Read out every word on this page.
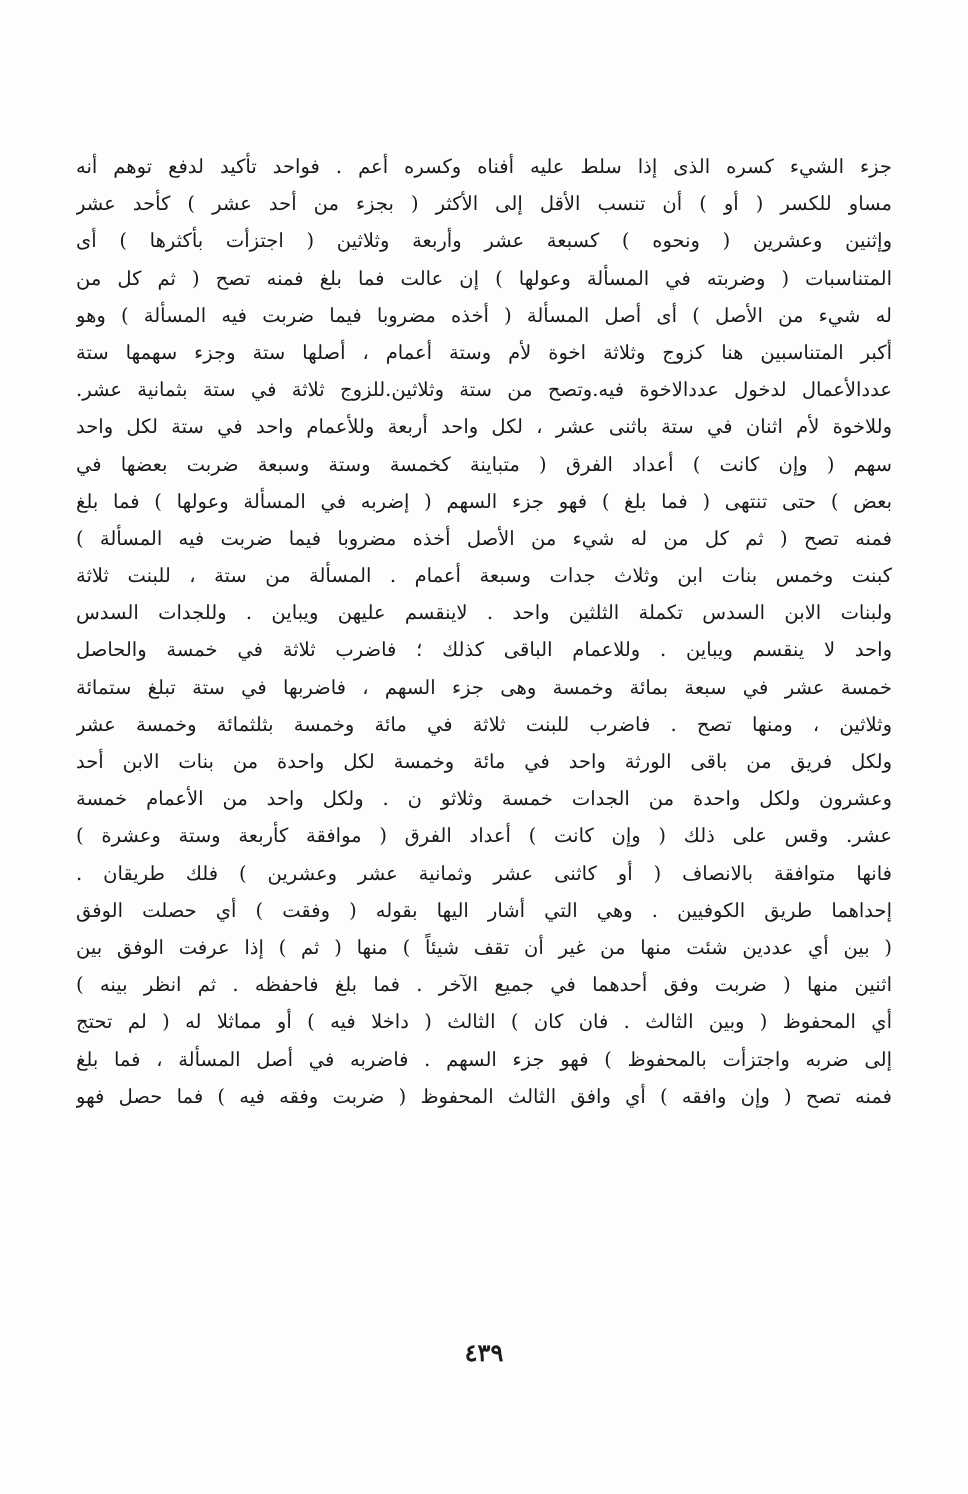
جزء الشيء كسره الذى إذا سلط عليه أفناه وكسره أعم . فواحد تأكيد لدفع توهم أنه
مساو للكسر ( أو ) أن تنسب الأقل إلى الأكثر ( بجزء من أحد عشر ) كأحد عشر
وإثنين وعشرين ( ونحوه ) كسبعة عشر وأربعة وثلاثين ( اجتزأت بأكثرها ) أى
المتناسبات ( وضربته في المسألة وعولها ) إن عالت فما بلغ فمنه تصح ( ثم كل من
له شيء من الأصل ) أى أصل المسألة ( أخذه مضروبا فيما ضربت فيه المسألة ) وهو
أكبر المتناسبين هنا كزوج وثلاثة اخوة لأم وستة أعمام ، أصلها ستة وجزء سهمها ستة
عددالأعمال لدخول عددالاخوة فيه.وتصح من ستة وثلاثين.للزوج ثلاثة في ستة بثمانية عشر.
وللاخوة لأم اثنان في ستة باثنى عشر ، لكل واحد أربعة وللأعمام واحد في ستة لكل واحد
سهم ( وإن كانت ) أعداد الفرق ( متباينة كخمسة وستة وسبعة ضربت بعضها في
بعض ) حتى تنتهى ( فما بلغ ) فهو جزء السهم ( إضربه في المسألة وعولها ) فما بلغ
فمنه تصح ( ثم كل من له شيء من الأصل أخذه مضروبا فيما ضربت فيه المسألة )
كبنت وخمس بنات ابن وثلاث جدات وسبعة أعمام . المسألة من ستة ، للبنت ثلاثة
ولبنات الابن السدس تكملة الثلثين واحد . لاينقسم عليهن ويباين . وللجدات السدس
واحد لا ينقسم ويباين . وللاعمام الباقى كذلك ؛ فاضرب ثلاثة في خمسة والحاصل
خمسة عشر في سبعة بمائة وخمسة وهى جزء السهم ، فاضربها في ستة تبلغ ستمائة
وثلاثين ، ومنها تصح . فاضرب للبنت ثلاثة في مائة وخمسة بثلثمائة وخمسة عشر
ولكل فريق من باقى الورثة واحد في مائة وخمسة لكل واحدة من بنات الابن أحد
وعشرون ولكل واحدة من الجدات خمسة وثلاثو ن . ولكل واحد من الأعمام خمسة
عشر. وقس على ذلك ( وإن كانت ) أعداد الفرق ( موافقة كأربعة وستة وعشرة )
فانها متوافقة بالانصاف ( أو كاثنى عشر وثمانية عشر وعشرين ) فلك طريقان .
إحداهما طريق الكوفيين . وهي التي أشار اليها بقوله ( وفقت ) أي حصلت الوفق
( بين أي عددين شئت منها من غير أن تقف شيئاً ) منها ( ثم ) إذا عرفت الوفق بين
اثنين منها ( ضربت وفق أحدهما في جميع الآخر . فما بلغ فاحفظه . ثم انظر بينه )
أي المحفوظ ( وبين الثالث . فان كان ) الثالث ( داخلا فيه ) أو مماثلا له ( لم تحتج
إلى ضربه واجتزأت بالمحفوظ ) فهو جزء السهم . فاضربه في أصل المسألة ، فما بلغ
فمنه تصح ( وإن وافقه ) أي وافق الثالث المحفوظ ( ضربت وفقه فيه ) فما حصل فهو
٤٣٩
